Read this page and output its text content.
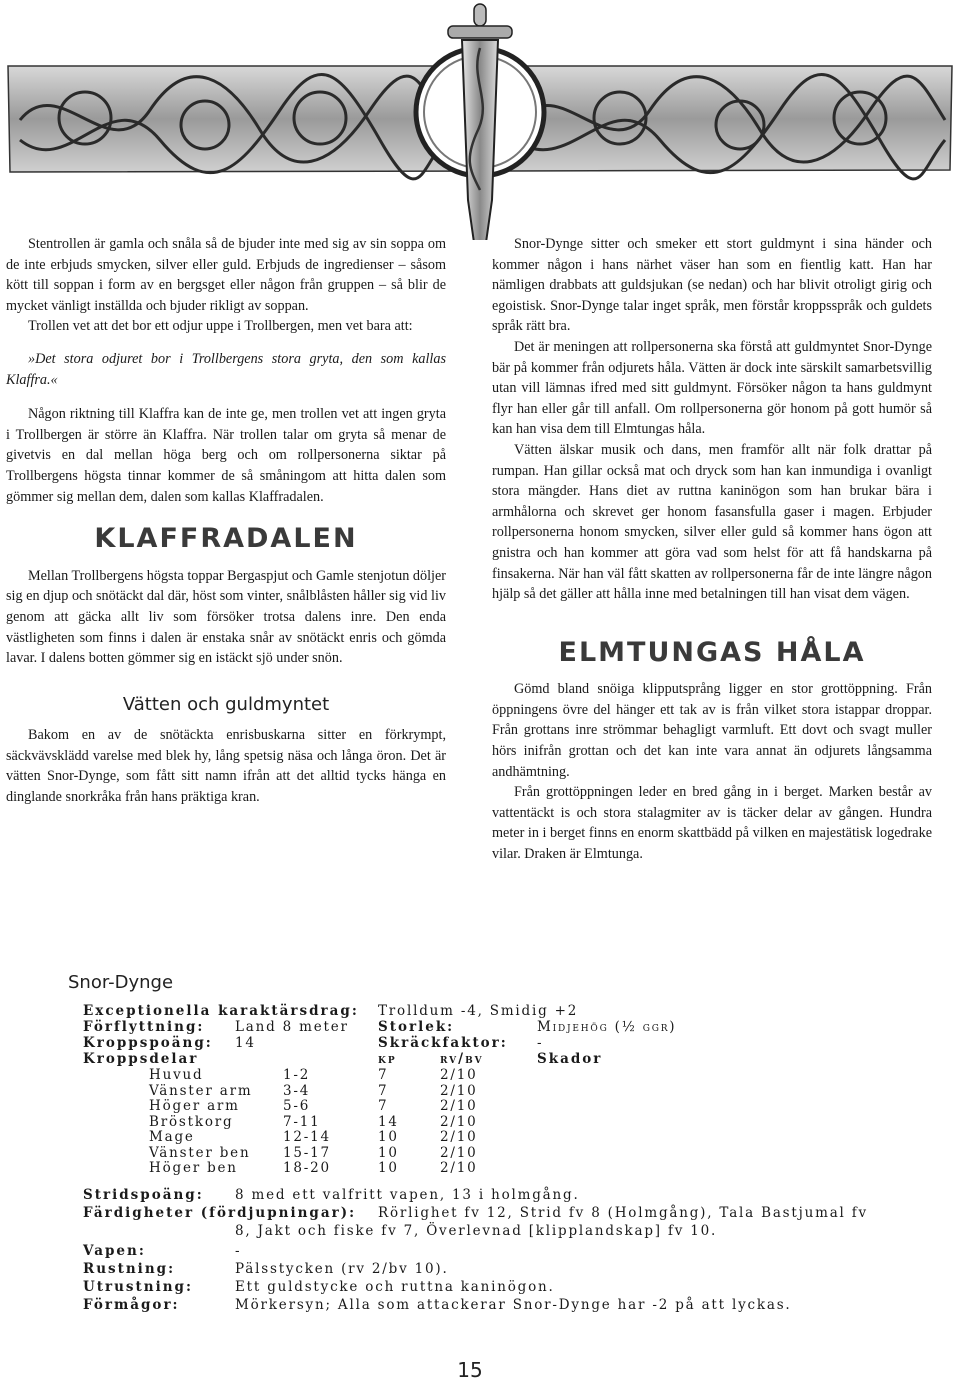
Stentrollen är gamla och snåla så de bjuder inte med sig av sin soppa om de inte erbjuds smycken, silver eller guld. Erbjuds de ingredienser – såsom kött till soppan i form av en bergsget eller någon från gruppen – så blir de mycket vänligt inställda och bjuder rikligt av soppan.

Trollen vet att det bor ett odjur uppe i Trollbergen, men vet bara att:

»Det stora odjuret bor i Trollbergens stora gryta, den som kallas Klaffra.«

Någon riktning till Klaffra kan de inte ge, men trollen vet att ingen gryta i Trollbergen är större än Klaffra. När trollen talar om gryta så menar de givetvis en dal mellan höga berg och om rollpersonerna siktar på Trollbergens högsta tinnar kommer de så småningom att hitta dalen som gömmer sig mellan dem, dalen som kallas Klaffradalen.

KLAFFRADALEN

Mellan Trollbergens högsta toppar Bergaspjut och Gamle stenjotun döljer sig en djup och snötäckt dal där, höst som vinter, snålblåsten håller sig vid liv genom att gäcka allt liv som försöker trotsa dalens inre. Den enda västligheten som finns i dalen är enstaka snår av snötäckt enris och gömda lavar. I dalens botten gömmer sig en istäckt sjö under snön.

Vätten och guldmyntet

Bakom en av de snötäckta enrisbuskarna sitter en förkrympt, säckvävsklädd varelse med blek hy, lång spetsig näsa och långa öron. Det är vätten Snor-Dynge, som fått sitt namn ifrån att det alltid tycks hänga en dinglande snorkråka från hans präktiga kran.

Snor-Dynge sitter och smeker ett stort guldmynt i sina händer och kommer någon i hans närhet väser han som en fientlig katt. Han har nämligen drabbats att guldsjukan (se nedan) och har blivit otroligt girig och egoistisk. Snor-Dynge talar inget språk, men förstår kroppsspråk och guldets språk rätt bra.

Det är meningen att rollpersonerna ska förstå att guldmyntet Snor-Dynge bär på kommer från odjurets håla. Vätten är dock inte särskilt samarbetsvillig utan vill lämnas ifred med sitt guldmynt. Försöker någon ta hans guldmynt flyr han eller går till anfall. Om rollpersonerna gör honom på gott humör så kan han visa dem till Elmtungas håla.

Vätten älskar musik och dans, men framför allt när folk drattar på rumpan. Han gillar också mat och dryck som han kan inmundiga i ovanligt stora mängder. Hans diet av ruttna kaninögon som han brukar bära i armhålorna och skrevet ger honom fasansfulla gaser i magen. Erbjuder rollpersonerna honom smycken, silver eller guld så kommer hans ögon att gnistra och han kommer att göra vad som helst för att få handskarna på finsakerna. När han väl fått skatten av rollpersonerna får de inte längre någon hjälp så det gäller att hålla inne med betalningen till han visat dem vägen.

ELMTUNGAS HÅLA

Gömd bland snöiga klipputsprång ligger en stor grottöppning. Från öppningens övre del hänger ett tak av is från vilket stora istappar droppar. Från grottans inre strömmar behagligt varmluft. Ett dovt och svagt muller hörs inifrån grottan och det kan inte vara annat än odjurets långsamma andhämtning.

Från grottöppningen leder en bred gång in i berget. Marken består av vattentäckt is och stora stalagmiter av is täcker delar av gången. Hundra meter in i berget finns en enorm skattbädd på vilken en majestätisk logedrake vilar. Draken är Elmtunga.

Snor-Dynge
Exceptionella karaktärsdrag: Trolldum -4, Smidig +2
Förflyttning: Land 8 meter Storlek:	Midjehög (½ ggr)
Kroppspoäng: 14	Skräckfaktor: -
Kroppsdelar	kp	rv/bv	Skador
Huvud	1-2	7	2/10
Vänster arm 3-4	7	2/10
Höger arm	5-6	7	2/10
Bröstkorg	7-11	14	2/10
Mage	12-14	10	2/10
Vänster ben 15-17	10	2/10
Höger ben	18-20	10	2/10
Stridspoäng: 8 med ett valfritt vapen, 13 i holmgång.
Färdigheter (fördjupningar): Rörlighet fv 12, Strid fv 8 (Holmgång), Tala Bastjumal fv
8, Jakt och fiske fv 7, Överlevnad [klipplandskap] fv 10.
Vapen:	-
Rustning:	Pälsstycken (rv 2/bv 10).
Utrustning:	Ett guldstycke och ruttna kaninögon.
Förmågor:	Mörkersyn; Alla som attackerar Snor-Dynge har -2 på att lyckas.
15
